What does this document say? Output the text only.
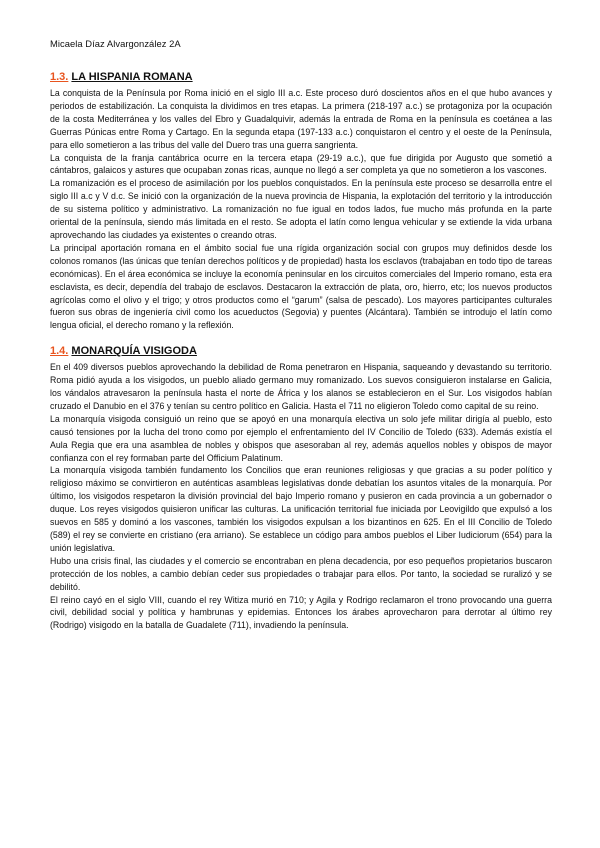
Micaela Díaz Alvargonzález 2A
1.3. LA HISPANIA ROMANA

La conquista de la Península por Roma inició en el siglo III a.c. Este proceso duró doscientos años en el que hubo avances y periodos de estabilización. La conquista la dividimos en tres etapas. La primera (218-197 a.c.) se protagoniza por la ocupación de la costa Mediterránea y los valles del Ebro y Guadalquivir, además la entrada de Roma en la península es coetánea a las Guerras Púnicas entre Roma y Cartago. En la segunda etapa (197-133 a.c.) conquistaron el centro y el oeste de la Península, para ello sometieron a las tribus del valle del Duero tras una guerra sangrienta.

La conquista de la franja cantábrica ocurre en la tercera etapa (29-19 a.c.), que fue dirigida por Augusto que sometió a cántabros, galaicos y astures que ocupaban zonas ricas, aunque no llegó a ser completa ya que no sometieron a los vascones.

La romanización es el proceso de asimilación por los pueblos conquistados. En la península este proceso se desarrolla entre el siglo III a.c y V d.c. Se inició con la organización de la nueva provincia de Hispania, la explotación del territorio y la introducción de su sistema político y administrativo. La romanización no fue igual en todos lados, fue mucho más profunda en la parte oriental de la península, siendo más limitada en el resto. Se adopta el latín como lengua vehicular y se extiende la vida urbana aprovechando las ciudades ya existentes o creando otras.

La principal aportación romana en el ámbito social fue una rígida organización social con grupos muy definidos desde los colonos romanos (las únicas que tenían derechos políticos y de propiedad) hasta los esclavos (trabajaban en todo tipo de tareas económicas). En el área económica se incluye la economía peninsular en los circuitos comerciales del Imperio romano, esta era esclavista, es decir, dependía del trabajo de esclavos. Destacaron la extracción de plata, oro, hierro, etc; los nuevos productos agrícolas como el olivo y el trigo; y otros productos como el “garum” (salsa de pescado). Los mayores participantes culturales fueron sus obras de ingeniería civil como los acueductos (Segovia) y puentes (Alcántara). También se introdujo el latín como lengua oficial, el derecho romano y la reflexión.

1.4. MONARQUÍA VISIGODA

En el 409 diversos pueblos aprovechando la debilidad de Roma penetraron en Hispania, saqueando y devastando su territorio. Roma pidió ayuda a los visigodos, un pueblo aliado germano muy romanizado. Los suevos consiguieron instalarse en Galicia, los vándalos atravesaron la península hasta el norte de África y los alanos se establecieron en el Sur. Los visigodos habían cruzado el Danubio en el 376 y tenían su centro político en Galicia. Hasta el 711 no eligieron Toledo como capital de su reino.

La monarquía visigoda consiguió un reino que se apoyó en una monarquía electiva un solo jefe militar dirigía al pueblo, esto causó tensiones por la lucha del trono como por ejemplo el enfrentamiento del IV Concilio de Toledo (633). Además existía el Aula Regia que era una asamblea de nobles y obispos que asesoraban al rey, además aquellos nobles y obispos de mayor confianza con el rey formaban parte del Officium Palatinum.

La monarquía visigoda también fundamento los Concilios que eran reuniones religiosas y que gracias a su poder político y religioso máximo se convirtieron en auténticas asambleas legislativas donde debatían los asuntos vitales de la monarquía. Por último, los visigodos respetaron la división provincial del bajo Imperio romano y pusieron en cada provincia a un gobernador o duque. Los reyes visigodos quisieron unificar las culturas. La unificación territorial fue iniciada por Leovigildo que expulsó a los suevos en 585 y dominó a los vascones, también los visigodos expulsan a los bizantinos en 625. En el III Concilio de Toledo (589) el rey se convierte en cristiano (era arriano). Se establece un código para ambos pueblos el Liber Iudiciorum (654) para la unión legislativa.

Hubo una crisis final, las ciudades y el comercio se encontraban en plena decadencia, por eso pequeños propietarios buscaron protección de los nobles, a cambio debían ceder sus propiedades o trabajar para ellos. Por tanto, la sociedad se ruralizó y se debilitó.

El reino cayó en el siglo VIII, cuando el rey Witiza murió en 710; y Agila y Rodrigo reclamaron el trono provocando una guerra civil, debilidad social y política y hambrunas y epidemias. Entonces los árabes aprovecharon para derrotar al último rey (Rodrigo) visigodo en la batalla de Guadalete (711), invadiendo la península.
